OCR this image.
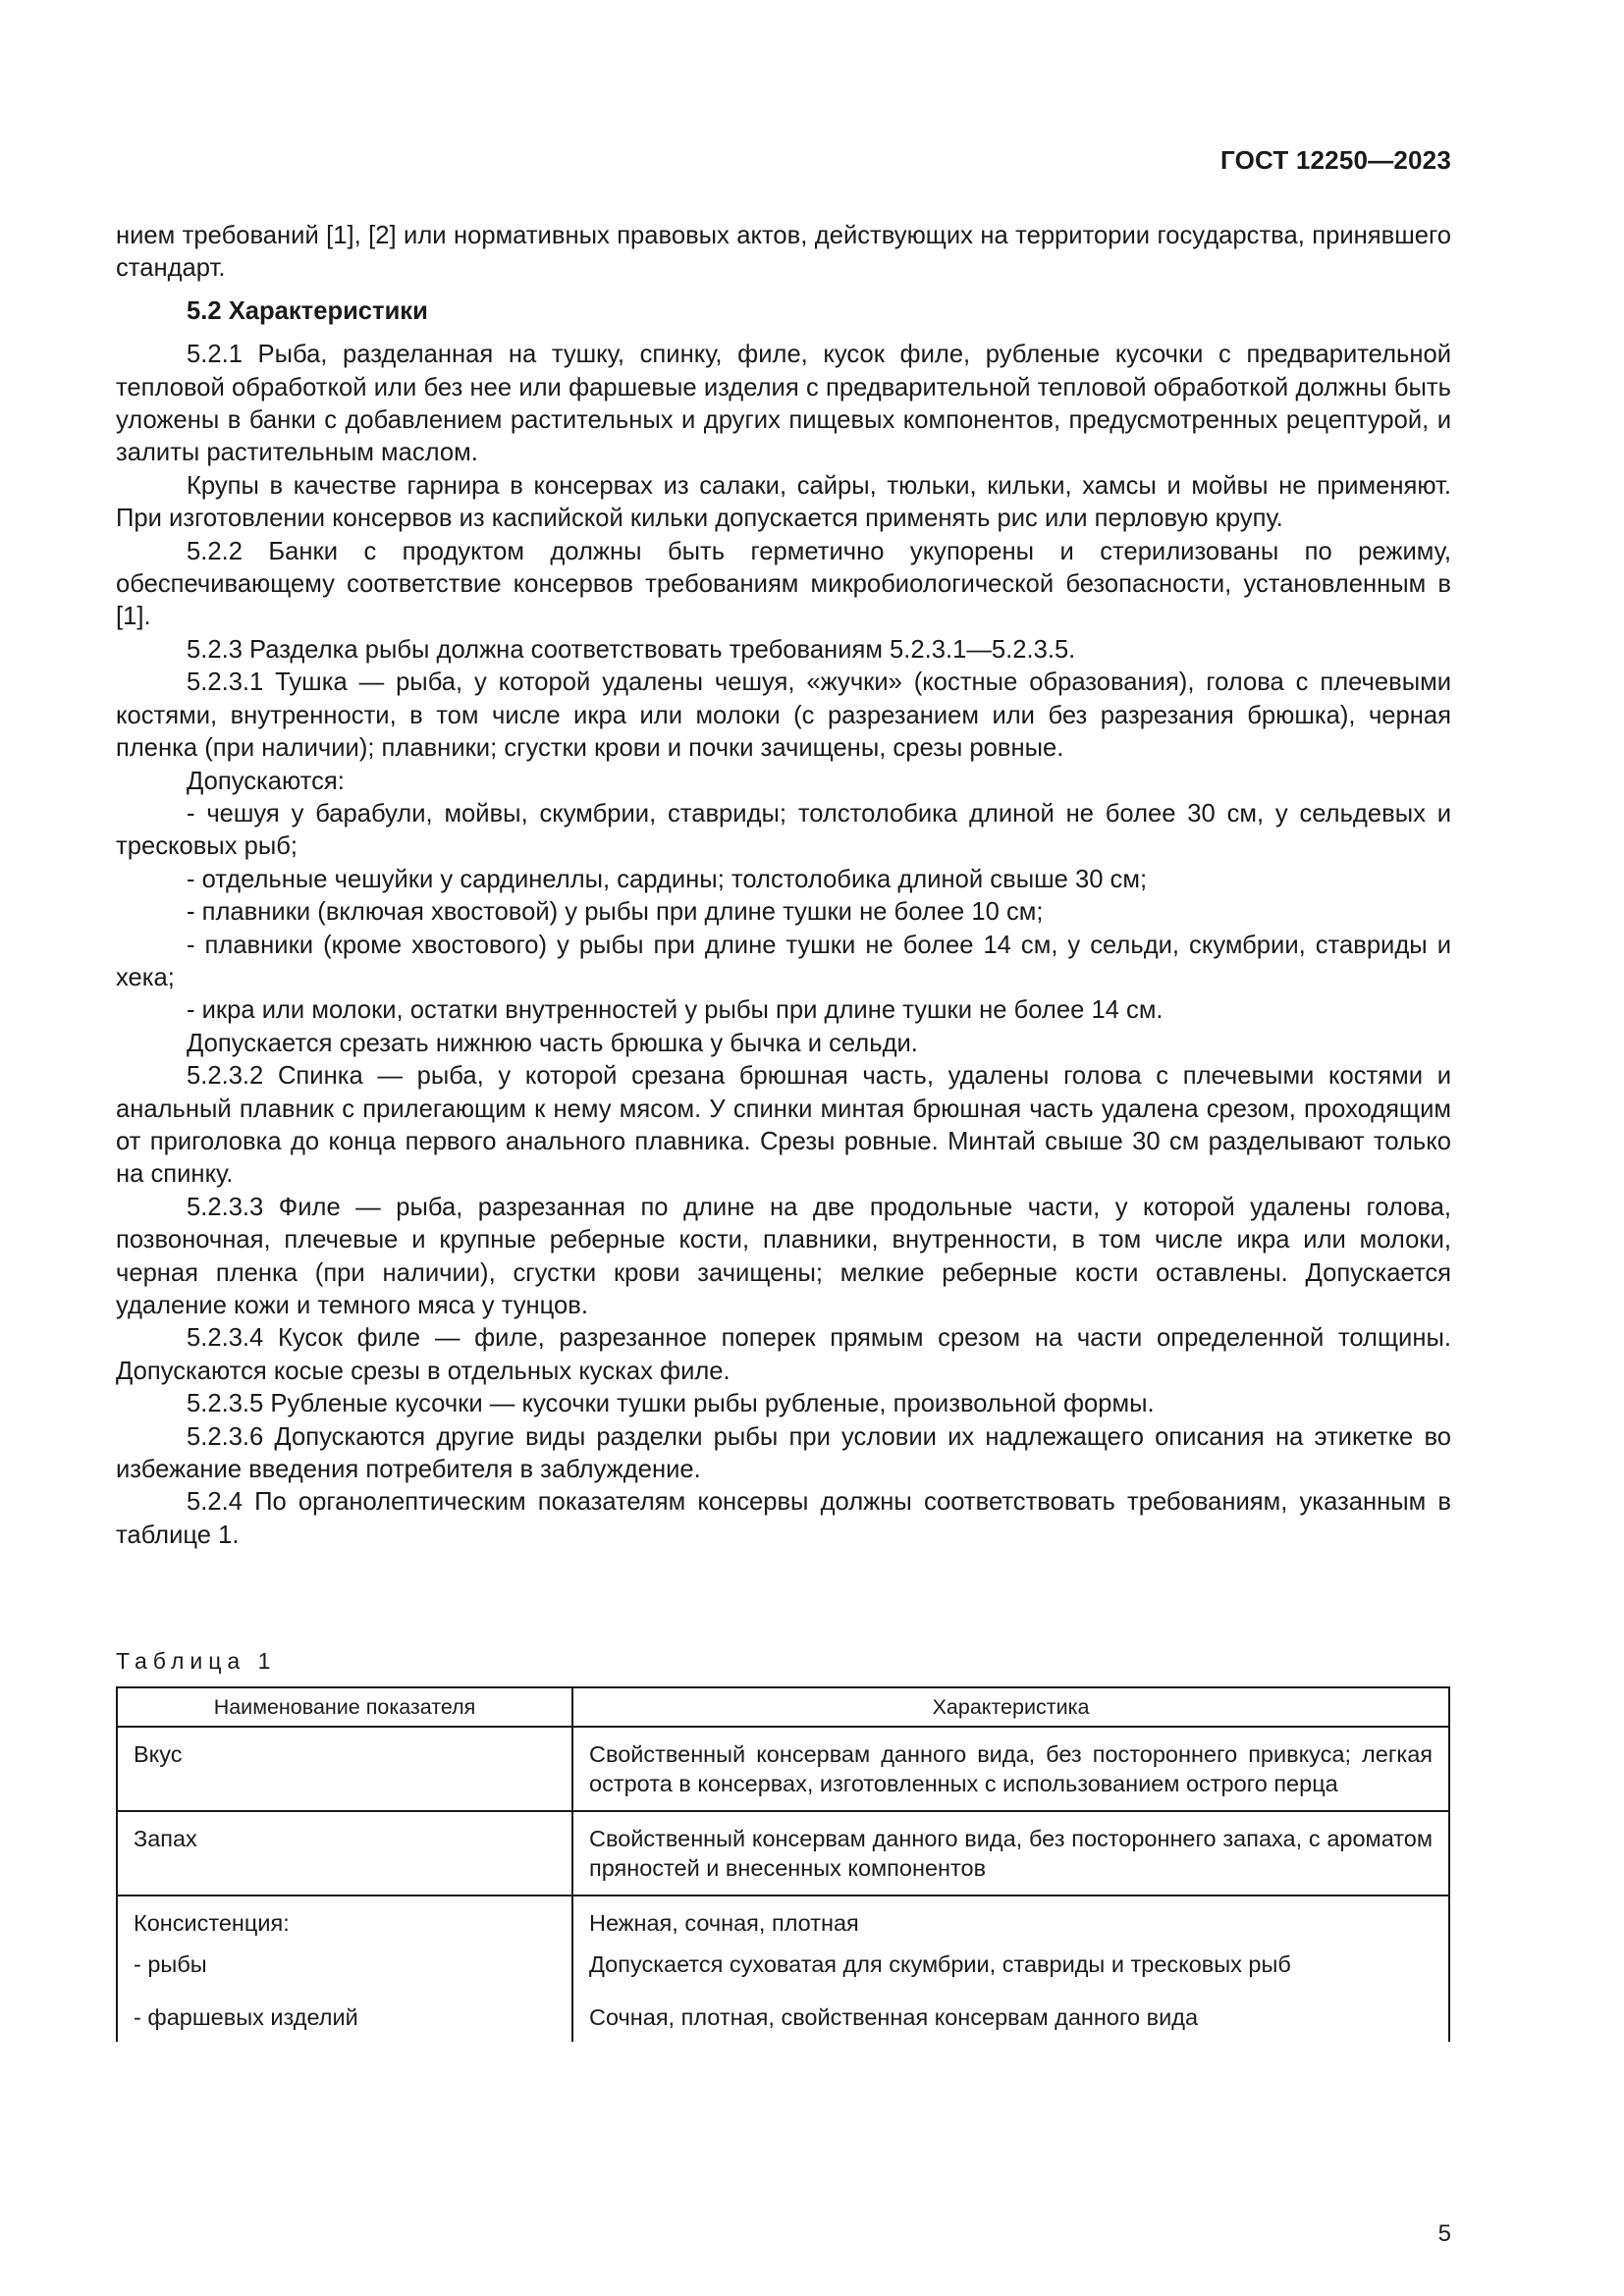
ГОСТ 12250—2023

нием требований [1], [2] или нормативных правовых актов, действующих на территории государства, принявшего стандарт.

5.2 Характеристики

5.2.1 Рыба, разделанная на тушку, спинку, филе, кусок филе, рубленые кусочки с предварительной тепловой обработкой или без нее или фаршевые изделия с предварительной тепловой обработкой должны быть уложены в банки с добавлением растительных и других пищевых компонентов, предусмотренных рецептурой, и залиты растительным маслом.

Крупы в качестве гарнира в консервах из салаки, сайры, тюльки, кильки, хамсы и мойвы не применяют. При изготовлении консервов из каспийской кильки допускается применять рис или перловую крупу.

5.2.2 Банки с продуктом должны быть герметично укупорены и стерилизованы по режиму, обеспечивающему соответствие консервов требованиям микробиологической безопасности, установленным в [1].

5.2.3 Разделка рыбы должна соответствовать требованиям 5.2.3.1—5.2.3.5.

5.2.3.1 Тушка — рыба, у которой удалены чешуя, «жучки» (костные образования), голова с плечевыми костями, внутренности, в том числе икра или молоки (с разрезанием или без разрезания брюшка), черная пленка (при наличии); плавники; сгустки крови и почки зачищены, срезы ровные.

Допускаются:

- чешуя у барабули, мойвы, скумбрии, ставриды; толстолобика длиной не более 30 см, у сельдевых и тресковых рыб;

- отдельные чешуйки у сардинеллы, сардины; толстолобика длиной свыше 30 см;

- плавники (включая хвостовой) у рыбы при длине тушки не более 10 см;

- плавники (кроме хвостового) у рыбы при длине тушки не более 14 см, у сельди, скумбрии, ставриды и хека;

- икра или молоки, остатки внутренностей у рыбы при длине тушки не более 14 см.

Допускается срезать нижнюю часть брюшка у бычка и сельди.

5.2.3.2 Спинка — рыба, у которой срезана брюшная часть, удалены голова с плечевыми костями и анальный плавник с прилегающим к нему мясом. У спинки минтая брюшная часть удалена срезом, проходящим от приголовка до конца первого анального плавника. Срезы ровные. Минтай свыше 30 см разделывают только на спинку.

5.2.3.3 Филе — рыба, разрезанная по длине на две продольные части, у которой удалены голова, позвоночная, плечевые и крупные реберные кости, плавники, внутренности, в том числе икра или молоки, черная пленка (при наличии), сгустки крови зачищены; мелкие реберные кости оставлены. Допускается удаление кожи и темного мяса у тунцов.

5.2.3.4 Кусок филе — филе, разрезанное поперек прямым срезом на части определенной толщины. Допускаются косые срезы в отдельных кусках филе.

5.2.3.5 Рубленые кусочки — кусочки тушки рыбы рубленые, произвольной формы.

5.2.3.6 Допускаются другие виды разделки рыбы при условии их надлежащего описания на этикетке во избежание введения потребителя в заблуждение.

5.2.4 По органолептическим показателям консервы должны соответствовать требованиям, указанным в таблице 1.

Таблица 1
Наименование показателя	Характеристика
Вкус	Свойственный консервам данного вида, без постороннего привкуса; легкая острота в консервах, изготовленных с использованием острого перца
Запах	Свойственный консервам данного вида, без постороннего запаха, с ароматом пряностей и внесенных компонентов
Консистенция:	Нежная, сочная, плотная
- рыбы	Допускается суховатая для скумбрии, ставриды и тресковых рыб
- фаршевых изделий	Сочная, плотная, свойственная консервам данного вида
5
